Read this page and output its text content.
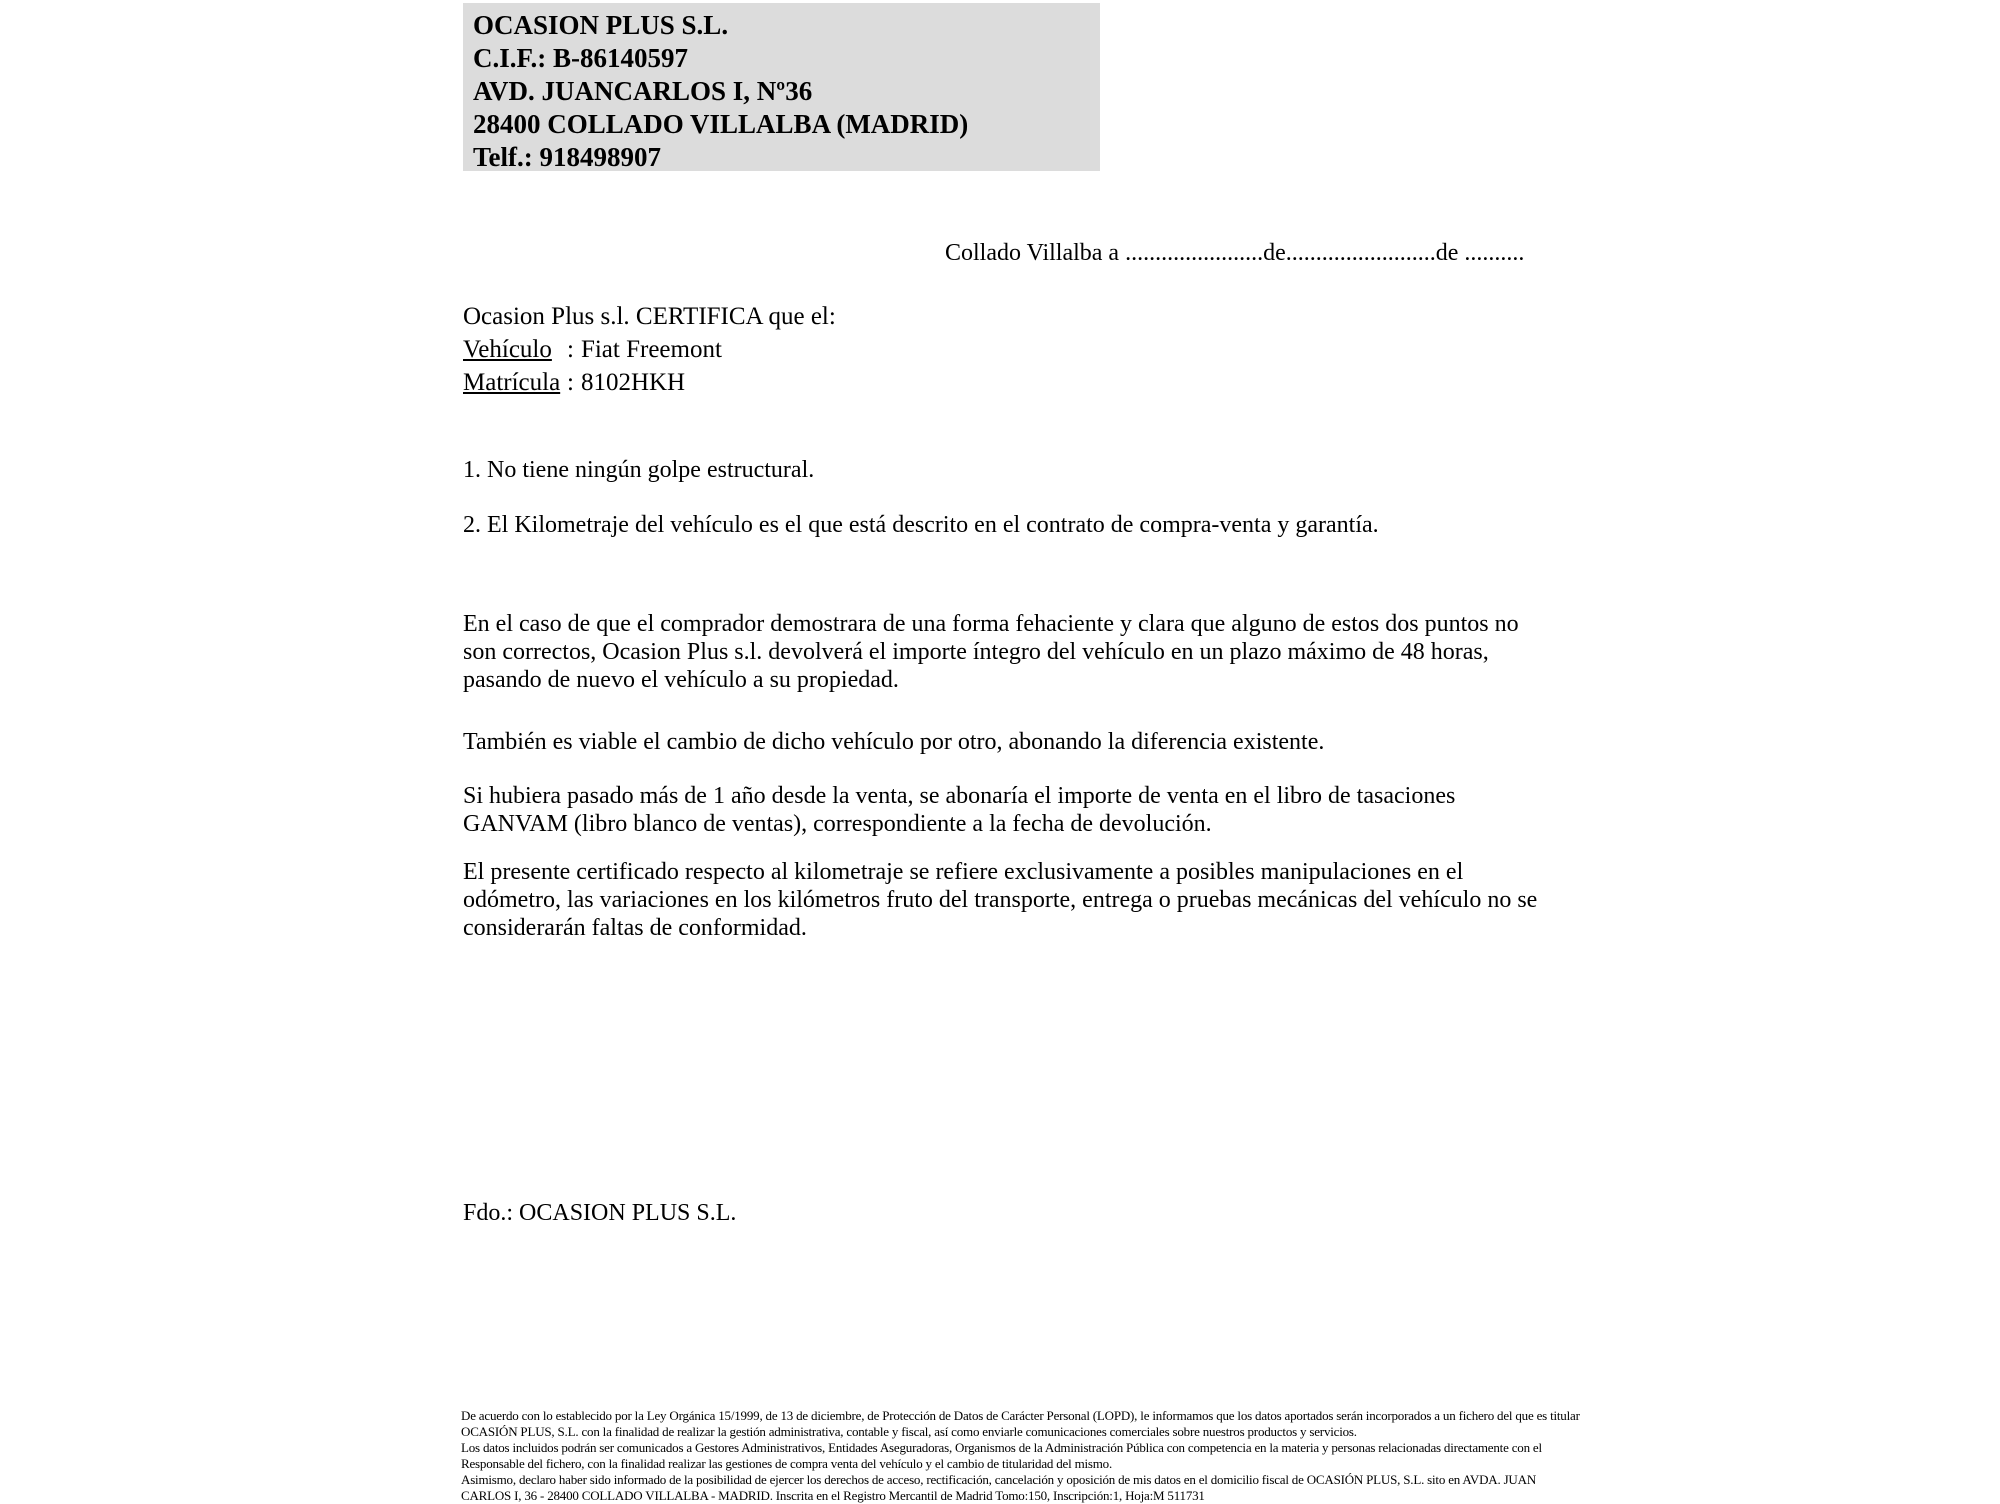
OCASION PLUS S.L.
C.I.F.: B-86140597
AVD. JUANCARLOS I, Nº36
28400 COLLADO VILLALBA (MADRID)
Telf.: 918498907
Collado Villalba a .......................de.........................de ..........
Ocasion Plus s.l. CERTIFICA que el:
Vehículo : Fiat Freemont
Matrícula : 8102HKH
1. No tiene ningún golpe estructural.
2. El Kilometraje del vehículo es el que está descrito en el contrato de compra-venta y garantía.
En el caso de que el comprador demostrara de una forma fehaciente y clara que alguno de estos dos puntos no son correctos, Ocasion Plus s.l. devolverá el importe íntegro del vehículo en un plazo máximo de 48 horas, pasando de nuevo el vehículo a su propiedad.
También es viable el cambio de dicho vehículo por otro, abonando la diferencia existente.
Si hubiera pasado más de 1 año desde la venta, se abonaría el importe de venta en el libro de tasaciones GANVAM (libro blanco de ventas), correspondiente a la fecha de devolución.
El presente certificado respecto al kilometraje se refiere exclusivamente a posibles manipulaciones en el odómetro, las variaciones en los kilómetros fruto del transporte, entrega o pruebas mecánicas del vehículo no se considerarán faltas de conformidad.
Fdo.: OCASION PLUS S.L.
De acuerdo con lo establecido por la Ley Orgánica 15/1999, de 13 de diciembre, de Protección de Datos de Carácter Personal (LOPD), le informamos que los datos aportados serán incorporados a un fichero del que es titular
OCASIÓN PLUS, S.L. con la finalidad de realizar la gestión administrativa, contable y fiscal, así como enviarle comunicaciones comerciales sobre nuestros productos y servicios.
Los datos incluidos podrán ser comunicados a Gestores Administrativos, Entidades Aseguradoras, Organismos de la Administración Pública con competencia en la materia y personas relacionadas directamente con el
Responsable del fichero, con la finalidad realizar las gestiones de compra venta del vehículo y el cambio de titularidad del mismo.
Asimismo, declaro haber sido informado de la posibilidad de ejercer los derechos de acceso, rectificación, cancelación y oposición de mis datos en el domicilio fiscal de OCASIÓN PLUS, S.L. sito en AVDA. JUAN
CARLOS I, 36 - 28400 COLLADO VILLALBA - MADRID. Inscrita en el Registro Mercantil de Madrid Tomo:150, Inscripción:1, Hoja:M 511731
